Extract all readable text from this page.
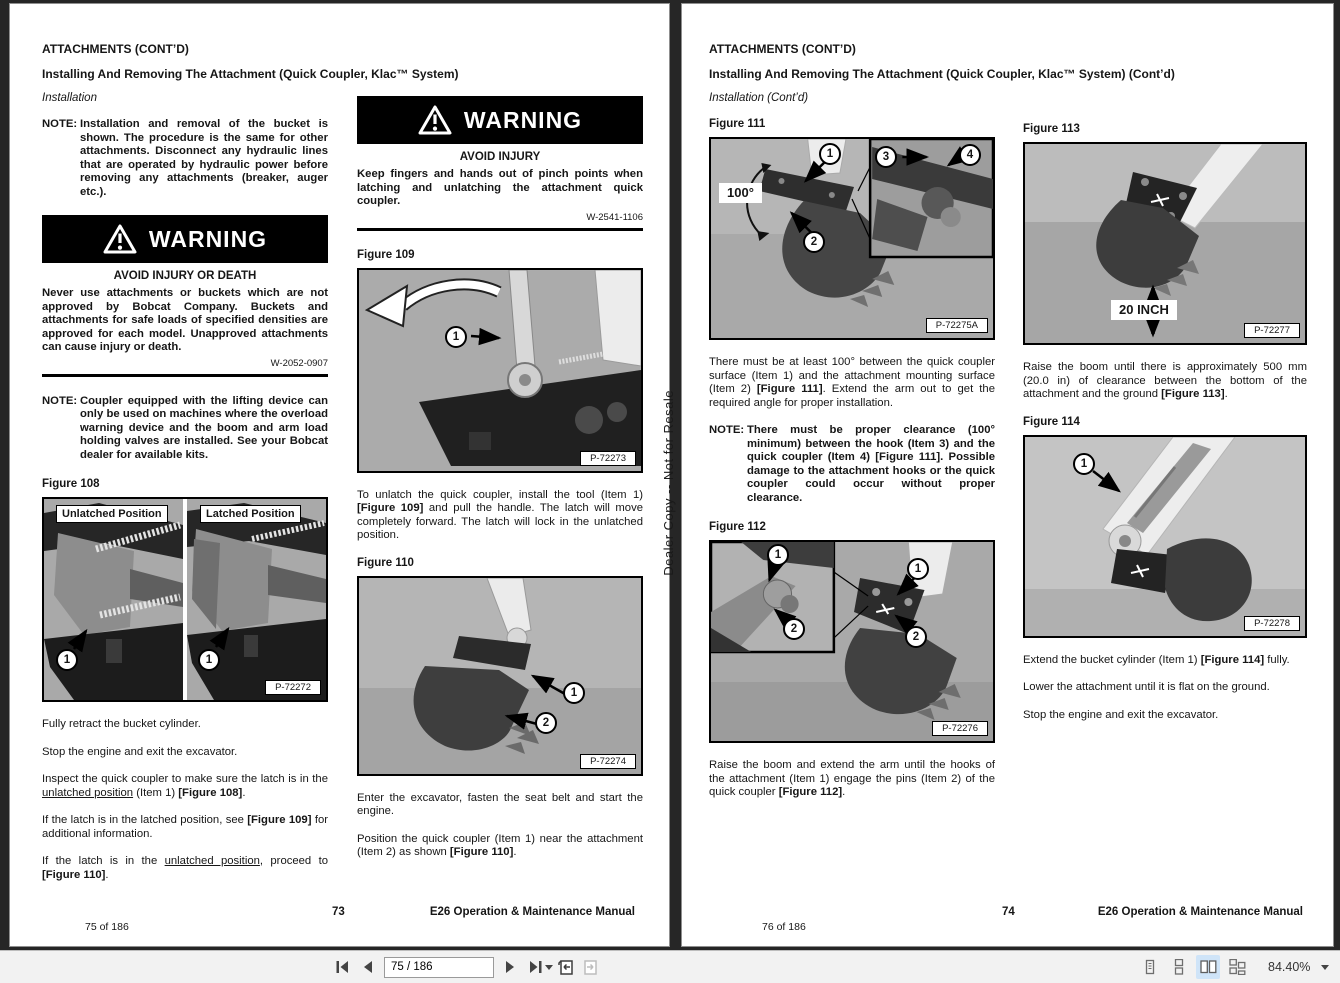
ATTACHMENTS (CONT’D)
Installing And Removing The Attachment (Quick Coupler, Klac™ System)
Installation
NOTE: Installation and removal of the bucket is shown. The procedure is the same for other attachments. Disconnect any hydraulic lines that are operated by hydraulic power before removing any attachments (breaker, auger etc.).
WARNING
AVOID INJURY OR DEATH
Never use attachments or buckets which are not approved by Bobcat Company. Buckets and attachments for safe loads of specified densities are approved for each model. Unapproved attachments can cause injury or death.
W-2052-0907
NOTE: Coupler equipped with the lifting device can only be used on machines where the overload warning device and the boom and arm load holding valves are installed. See your Bobcat dealer for available kits.
Figure 108
Unlatched Position	Latched Position
1	1
P-72272

Fully retract the bucket cylinder.

Stop the engine and exit the excavator.

Inspect the quick coupler to make sure the latch is in the unlatched position (Item 1) [Figure 108].

If the latch is in the latched position, see [Figure 109] for additional information.

If the latch is in the unlatched position, proceed to [Figure 110].

WARNING
AVOID INJURY
Keep fingers and hands out of pinch points when latching and unlatching the attachment quick coupler.
W-2541-1106
Figure 109
1
P-72273

To unlatch the quick coupler, install the tool (Item 1) [Figure 109] and pull the handle. The latch will move completely forward. The latch will lock in the unlatched position.

Figure 110
1
2
P-72274

Enter the excavator, fasten the seat belt and start the engine.

Position the quick coupler (Item 1) near the attachment (Item 2) as shown [Figure 110].

Dealer Copy -- Not for Resale
73	E26 Operation & Maintenance Manual
75 of 186
ATTACHMENTS (CONT’D)
Installing And Removing The Attachment (Quick Coupler, Klac™ System) (Cont’d)
Installation (Cont’d)
Figure 111
100°
1
2
3	4
P-72275A

There must be at least 100° between the quick coupler surface (Item 1) and the attachment mounting surface (Item 2) [Figure 111]. Extend the arm out to get the required angle for proper installation.

NOTE: There must be proper clearance (100° minimum) between the hook (Item 3) and the quick coupler (Item 4) [Figure 111]. Possible damage to the attachment hooks or the quick coupler could occur without proper clearance.
Figure 112
1
2
1
2
P-72276

Raise the boom and extend the arm until the hooks of the attachment (Item 1) engage the pins (Item 2) of the quick coupler [Figure 112].

Figure 113
20 INCH
P-72277

Raise the boom until there is approximately 500 mm (20.0 in) of clearance between the bottom of the attachment and the ground [Figure 113].

Figure 114
1
P-72278

Extend the bucket cylinder (Item 1) [Figure 114] fully.

Lower the attachment until it is flat on the ground.

Stop the engine and exit the excavator.

74	E26 Operation & Maintenance Manual
76 of 186
75 / 186
84.40%
